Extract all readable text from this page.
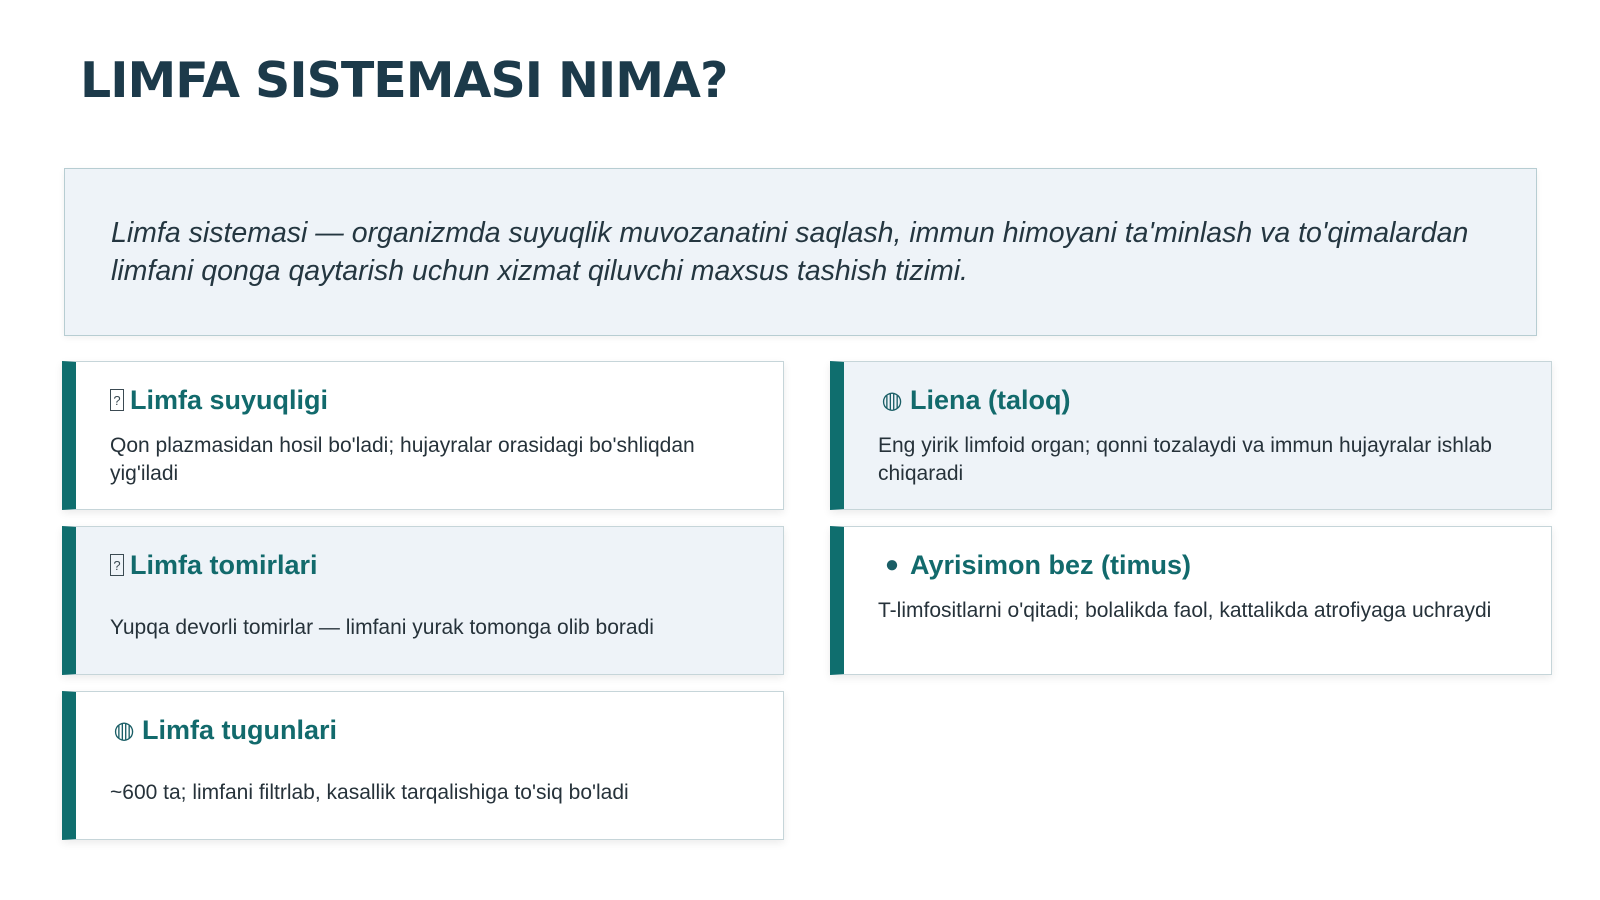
LIMFA SISTEMASI NIMA?
Limfa sistemasi — organizmda suyuqlik muvozanatini saqlash, immun himoyani ta'minlash va to'qimalardan limfani qonga qaytarish uchun xizmat qiluvchi maxsus tashish tizimi.
? Limfa suyuqligi
Qon plazmasidan hosil bo'ladi; hujayralar orasidagi bo'shliqdan yig'iladi
? Limfa tomirlari
Yupqa devorli tomirlar — limfani yurak tomonga olib boradi
◍ Limfa tugunlari
~600 ta; limfani filtrlab, kasallik tarqalishiga to'siq bo'ladi
◍ Liena (taloq)
Eng yirik limfoid organ; qonni tozalaydi va immun hujayralar ishlab chiqaradi
● Ayrisimon bez (timus)
T-limfositlarni o'qitadi; bolalikda faol, kattalikda atrofiyaga uchraydi
